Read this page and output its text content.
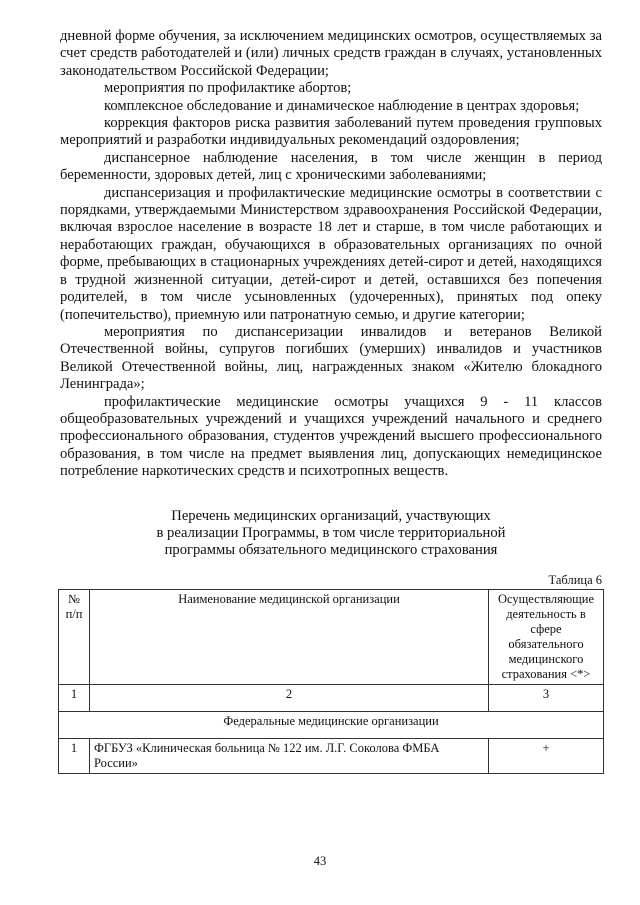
дневной форме обучения, за исключением медицинских осмотров, осуществляемых за счет средств работодателей и (или) личных средств граждан в случаях, установленных законодательством Российской Федерации;

мероприятия по профилактике абортов;

комплексное обследование и динамическое наблюдение в центрах здоровья;

коррекция факторов риска развития заболеваний путем проведения групповых мероприятий и разработки индивидуальных рекомендаций оздоровления;

диспансерное наблюдение населения, в том числе женщин в период беременности, здоровых детей, лиц с хроническими заболеваниями;

диспансеризация и профилактические медицинские осмотры в соответствии с порядками, утверждаемыми Министерством здравоохранения Российской Федерации, включая взрослое население в возрасте 18 лет и старше, в том числе работающих и неработающих граждан, обучающихся в образовательных организациях по очной форме, пребывающих в стационарных учреждениях детей-сирот и детей, находящихся в трудной жизненной ситуации, детей-сирот и детей, оставшихся без попечения родителей, в том числе усыновленных (удочеренных), принятых под опеку (попечительство), приемную или патронатную семью, и другие категории;

мероприятия по диспансеризации инвалидов и ветеранов Великой Отечественной войны, супругов погибших (умерших) инвалидов и участников Великой Отечественной войны, лиц, награжденных знаком «Жителю блокадного Ленинграда»;

профилактические медицинские осмотры учащихся 9 - 11 классов общеобразовательных учреждений и учащихся учреждений начального и среднего профессионального образования, студентов учреждений высшего профессионального образования, в том числе на предмет выявления лиц, допускающих немедицинское потребление наркотических средств и психотропных веществ.

Перечень медицинских организаций, участвующих
в реализации Программы, в том числе территориальной
программы обязательного медицинского страхования
Таблица 6
№ п/п	Наименование медицинской организации	Осуществляющие деятельность в сфере обязательного медицинского страхования <*>
1	2	3
Федеральные медицинские организации		
1	ФГБУЗ «Клиническая больница № 122 им. Л.Г. Соколова ФМБА России»	+
43
